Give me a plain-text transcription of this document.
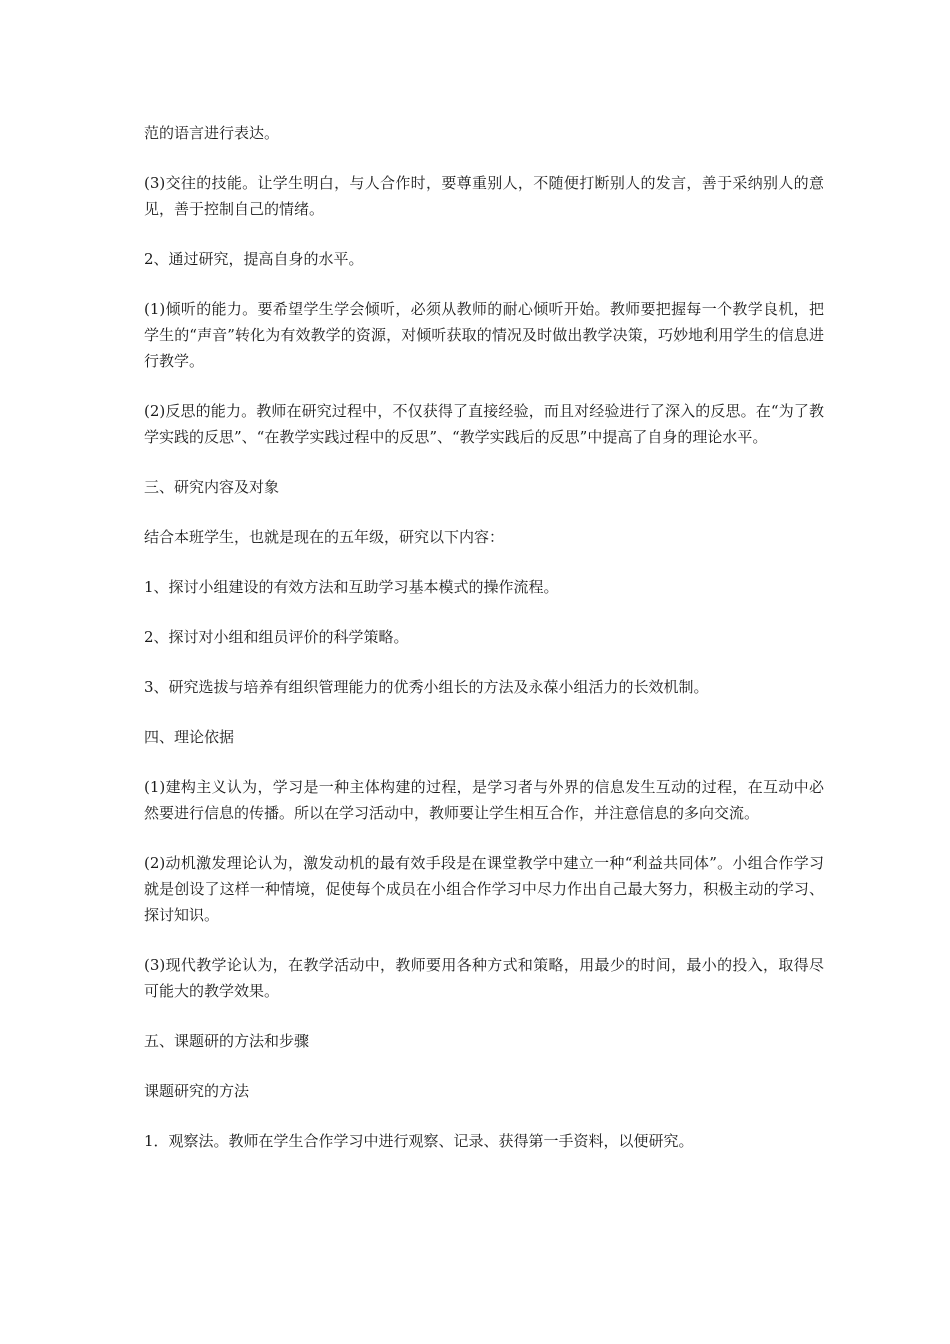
范的语言进行表达。

(3)交往的技能。让学生明白，与人合作时，要尊重别人，不随便打断别人的发言，善于采纳别人的意见，善于控制自己的情绪。

2、通过研究，提高自身的水平。

(1)倾听的能力。要希望学生学会倾听，必须从教师的耐心倾听开始。教师要把握每一个教学良机，把学生的“声音”转化为有效教学的资源，对倾听获取的情况及时做出教学决策，巧妙地利用学生的信息进行教学。

(2)反思的能力。教师在研究过程中，不仅获得了直接经验，而且对经验进行了深入的反思。在“为了教学实践的反思”、“在教学实践过程中的反思”、“教学实践后的反思”中提高了自身的理论水平。

三、研究内容及对象

结合本班学生，也就是现在的五年级，研究以下内容：

1、探讨小组建设的有效方法和互助学习基本模式的操作流程。

2、探讨对小组和组员评价的科学策略。

3、研究选拔与培养有组织管理能力的优秀小组长的方法及永葆小组活力的长效机制。

四、理论依据

(1)建构主义认为，学习是一种主体构建的过程，是学习者与外界的信息发生互动的过程，在互动中必然要进行信息的传播。所以在学习活动中，教师要让学生相互合作，并注意信息的多向交流。

(2)动机激发理论认为，激发动机的最有效手段是在课堂教学中建立一种“利益共同体”。小组合作学习就是创设了这样一种情境，促使每个成员在小组合作学习中尽力作出自己最大努力，积极主动的学习、探讨知识。

(3)现代教学论认为，在教学活动中，教师要用各种方式和策略，用最少的时间，最小的投入，取得尽可能大的教学效果。

五、课题研的方法和步骤

课题研究的方法

1．观察法。教师在学生合作学习中进行观察、记录、获得第一手资料，以便研究。
